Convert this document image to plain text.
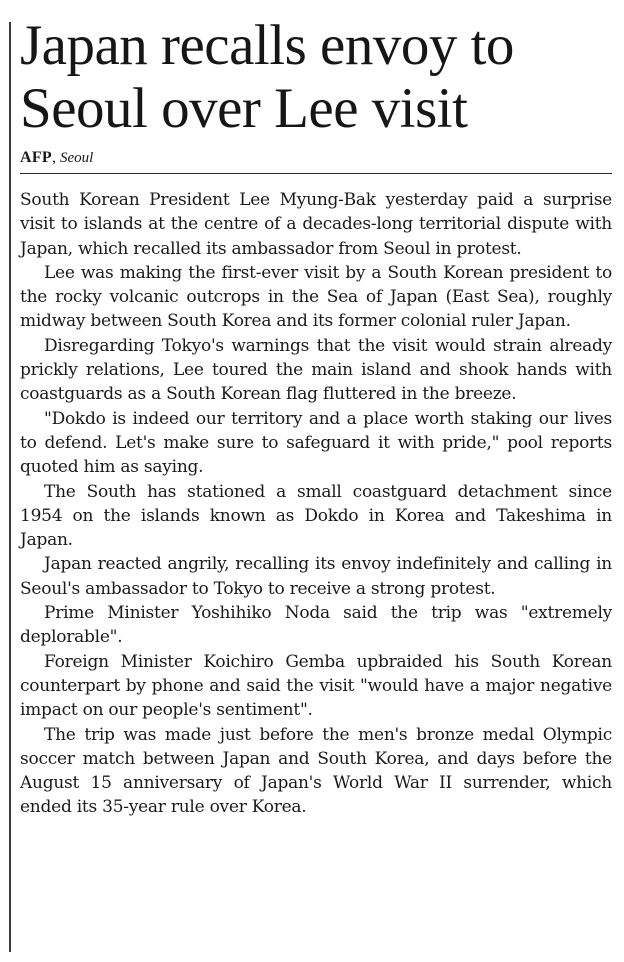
Japan recalls envoy to
Seoul over Lee visit
AFP, Seoul

South Korean President Lee Myung-Bak yesterday paid a surprise visit to islands at the centre of a decades-long territorial dispute with Japan, which recalled its ambassador from Seoul in protest.

Lee was making the first-ever visit by a South Korean president to the rocky volcanic outcrops in the Sea of Japan (East Sea), roughly midway between South Korea and its former colonial ruler Japan.

Disregarding Tokyo's warnings that the visit would strain already prickly relations, Lee toured the main island and shook hands with coastguards as a South Korean flag fluttered in the breeze.

"Dokdo is indeed our territory and a place worth staking our lives to defend. Let's make sure to safeguard it with pride," pool reports quoted him as saying.

The South has stationed a small coastguard detachment since 1954 on the islands known as Dokdo in Korea and Takeshima in Japan.

Japan reacted angrily, recalling its envoy indefinitely and calling in Seoul's ambassador to Tokyo to receive a strong protest.

Prime Minister Yoshihiko Noda said the trip was "extremely deplorable".

Foreign Minister Koichiro Gemba upbraided his South Korean counterpart by phone and said the visit "would have a major negative impact on our people's sentiment".

The trip was made just before the men's bronze medal Olympic soccer match between Japan and South Korea, and days before the August 15 anniversary of Japan's World War II surrender, which ended its 35-year rule over Korea.
